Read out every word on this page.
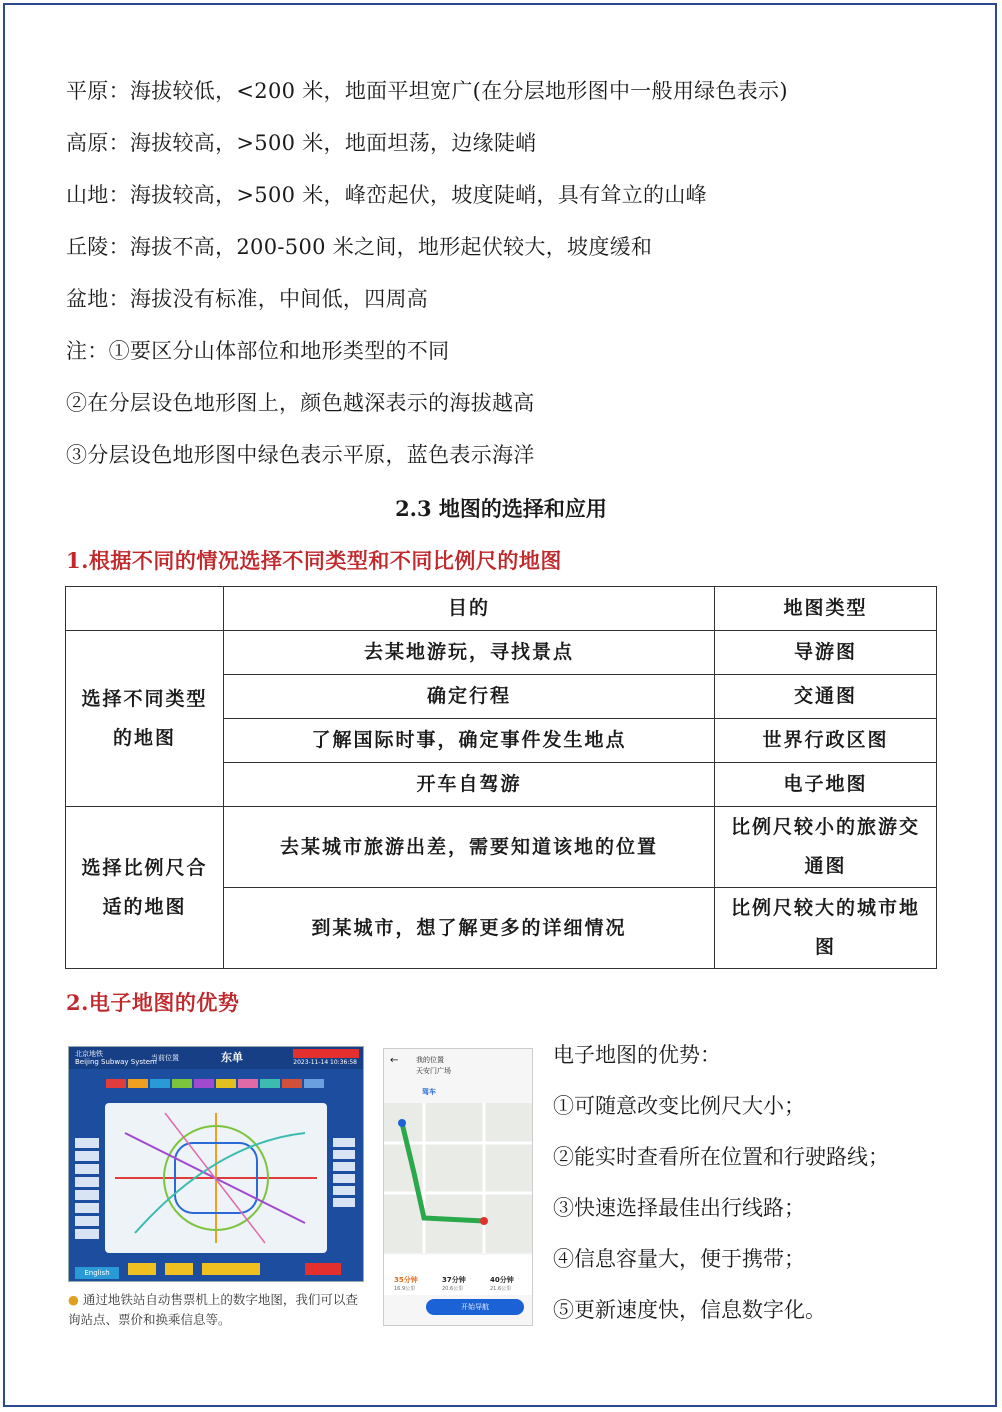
平原：海拔较低，<200 米，地面平坦宽广(在分层地形图中一般用绿色表示)
高原：海拔较高，>500 米，地面坦荡，边缘陡峭
山地：海拔较高，>500 米，峰峦起伏，坡度陡峭，具有耸立的山峰
丘陵：海拔不高，200-500 米之间，地形起伏较大，坡度缓和
盆地：海拔没有标准，中间低，四周高
注：①要区分山体部位和地形类型的不同
②在分层设色地形图上，颜色越深表示的海拔越高
③分层设色地形图中绿色表示平原，蓝色表示海洋
2.3 地图的选择和应用
1.根据不同的情况选择不同类型和不同比例尺的地图
	目的	地图类型
选择不同类型的地图	去某地游玩，寻找景点	导游图
	确定行程	交通图
	了解国际时事，确定事件发生地点	世界行政区图
	开车自驾游	电子地图
选择比例尺合适的地图	去某城市旅游出差，需要知道该地的位置	比例尺较小的旅游交通图
	到某城市，想了解更多的详细情况	比例尺较大的城市地图
2.电子地图的优势
北京地铁
Beijing Subway System
当前位置	东单	2023-11-14 10:36:58
English
←	我的位置
天安门广场
驾车
35分钟
16.9公里
37分钟
20.6公里
40分钟
21.6公里
开始导航
● 通过地铁站自动售票机上的数字地图，我们可以查询站点、票价和换乘信息等。
电子地图的优势：
①可随意改变比例尺大小；
②能实时查看所在位置和行驶路线；
③快速选择最佳出行线路；
④信息容量大，便于携带；
⑤更新速度快，信息数字化。
